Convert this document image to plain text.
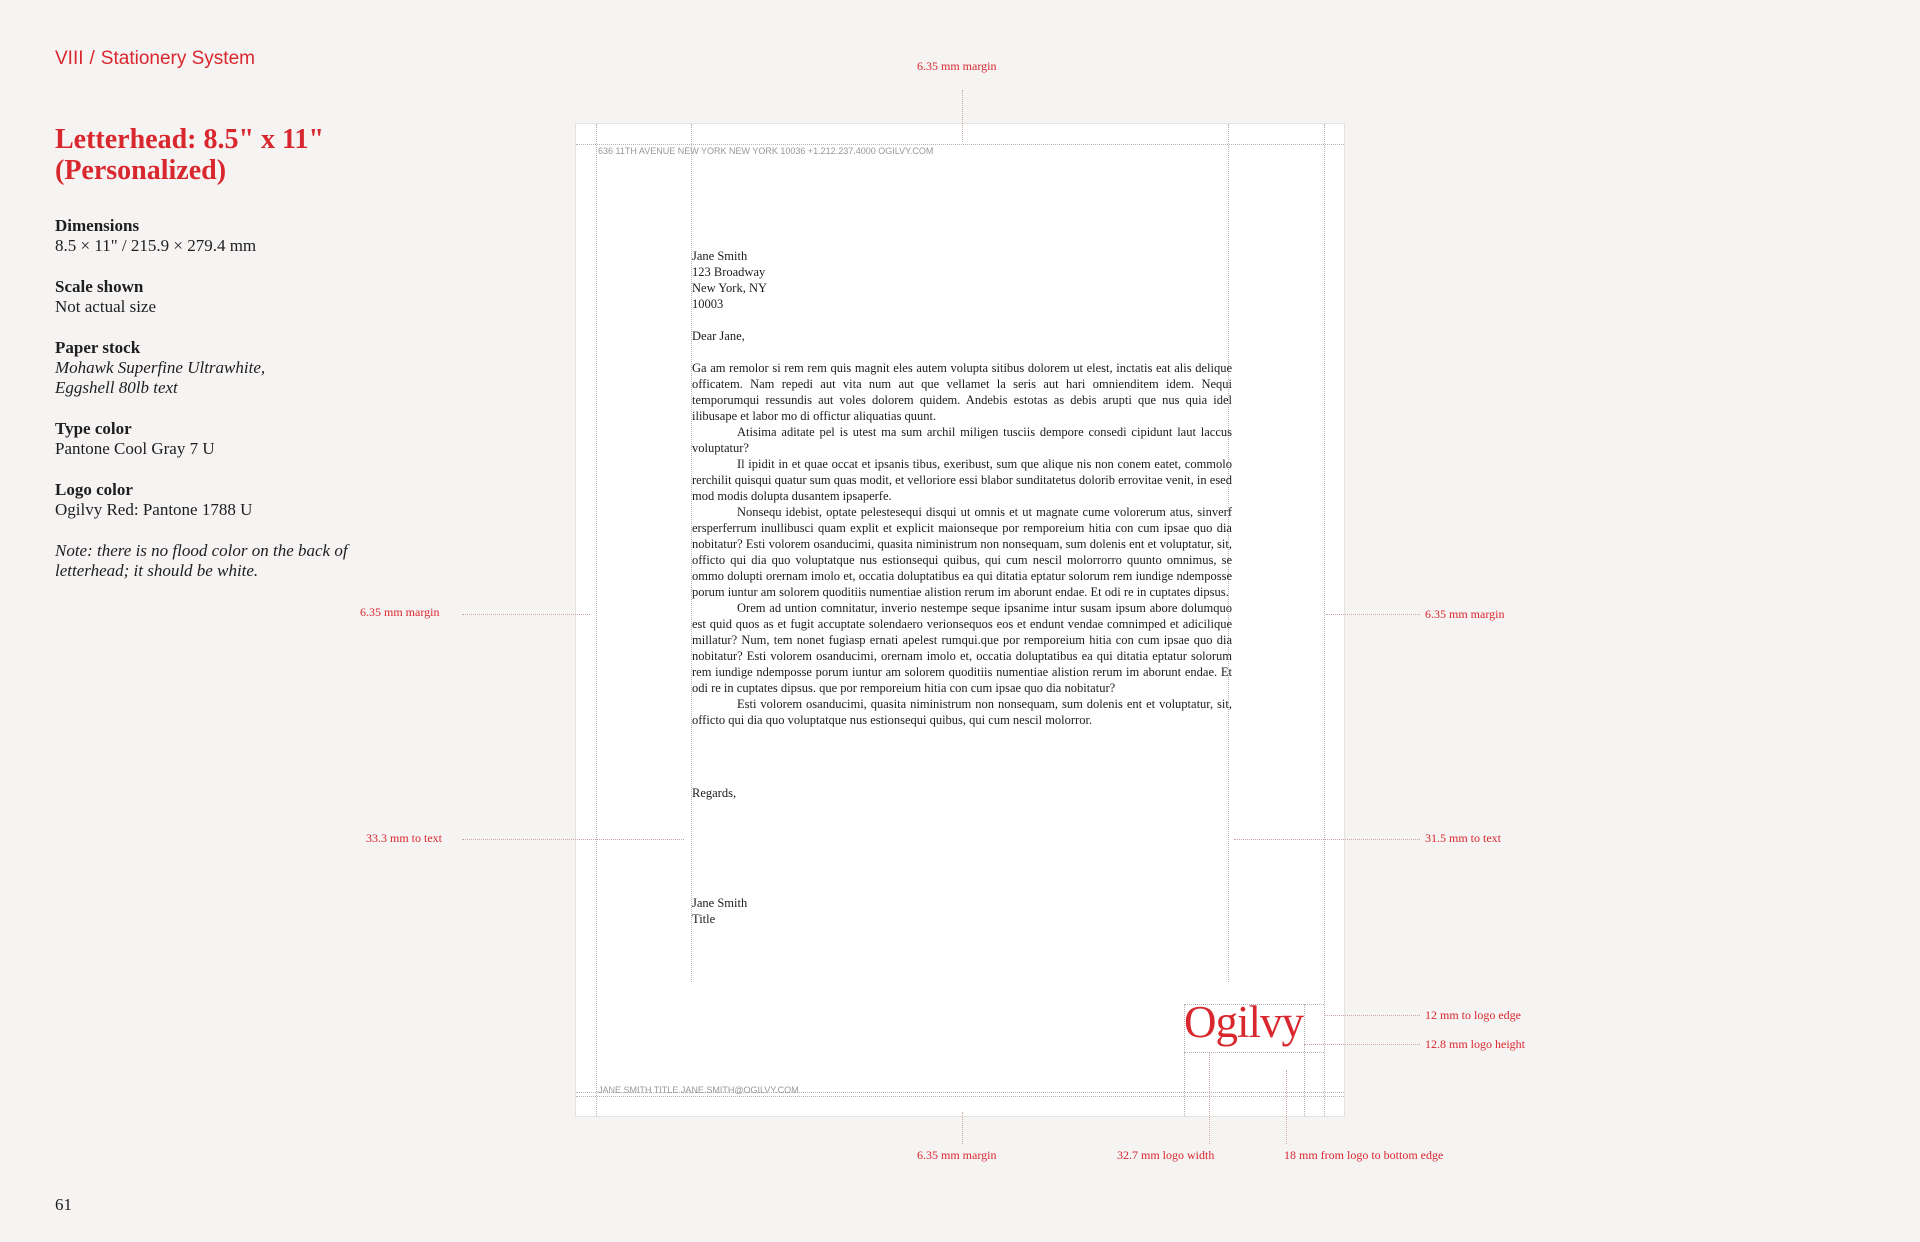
VIII / Stationery System
Letterhead: 8.5" x 11" (Personalized)
Dimensions
8.5 × 11" / 215.9 × 279.4 mm
Scale shown
Not actual size
Paper stock
Mohawk Superfine Ultrawhite,
Eggshell 80lb text
Type color
Pantone Cool Gray 7 U
Logo color
Ogilvy Red: Pantone 1788 U
Note: there is no flood color on the back of letterhead; it should be white.
636 11TH AVENUE NEW YORK NEW YORK 10036 +1.212.237.4000 OGILVY.COM
JANE SMITH TITLE JANE.SMITH@OGILVY.COM

Jane Smith

123 Broadway

New York, NY

10003

Dear Jane,

Ga am remolor si rem rem quis magnit eles autem volupta sitibus dolorem ut elest, inctatis eat alis delique officatem. Nam repedi aut vita num aut que vellamet la seris aut hari omnienditem idem. Nequi temporumqui ressundis aut voles dolorem quidem. Andebis estotas as debis arupti que nus quia idel ilibusape et labor mo di offictur aliquatias quunt.

Atisima aditate pel is utest ma sum archil miligen tusciis dempore consedi cipidunt laut laccus voluptatur?

Il ipidit in et quae occat et ipsanis tibus, exeribust, sum que alique nis non conem eatet, commolo rerchilit quisqui quatur sum quas modit, et velloriore essi blabor sunditatetus dolorib errovitae venit, in esed mod modis dolupta dusantem ipsaperfe.

Nonsequ idebist, optate pelestesequi disqui ut omnis et ut magnate cume volorerum atus, sinverf ersperferrum inullibusci quam explit et explicit maionseque por remporeium hitia con cum ipsae quo dia nobitatur? Esti volorem osanducimi, quasita niministrum non nonsequam, sum dolenis ent et voluptatur, sit, officto qui dia quo voluptatque nus estionsequi quibus, qui cum nescil molorrorro quunto omnimus, se ommo dolupti orernam imolo et, occatia doluptatibus ea qui ditatia eptatur solorum rem iundige ndemposse porum iuntur am solorem quoditiis numentiae alistion rerum im aborunt endae. Et odi re in cuptates dipsus.

Orem ad untion comnitatur, inverio nestempe seque ipsanime intur susam ipsum abore dolumquo est quid quos as et fugit accuptate solendaero verionsequos eos et endunt vendae comnimped et adicilique millatur? Num, tem nonet fugiasp ernati apelest rumqui.que por remporeium hitia con cum ipsae quo dia nobitatur? Esti volorem osanducimi, orernam imolo et, occatia doluptatibus ea qui ditatia eptatur solorum rem iundige ndemposse porum iuntur am solorem quoditiis numentiae alistion rerum im aborunt endae. Et odi re in cuptates dipsus. que por remporeium hitia con cum ipsae quo dia nobitatur?

Esti volorem osanducimi, quasita niministrum non nonsequam, sum dolenis ent et voluptatur, sit, officto qui dia quo voluptatque nus estionsequi quibus, qui cum nescil molorror.

Regards,

Jane Smith

Title

Ogilvy
6.35 mm margin
6.35 mm margin	6.35 mm margin
33.3 mm to text	31.5 mm to text
12 mm to logo edge
12.8 mm logo height
6.35 mm margin	32.7 mm logo width	18 mm from logo to bottom edge
61
